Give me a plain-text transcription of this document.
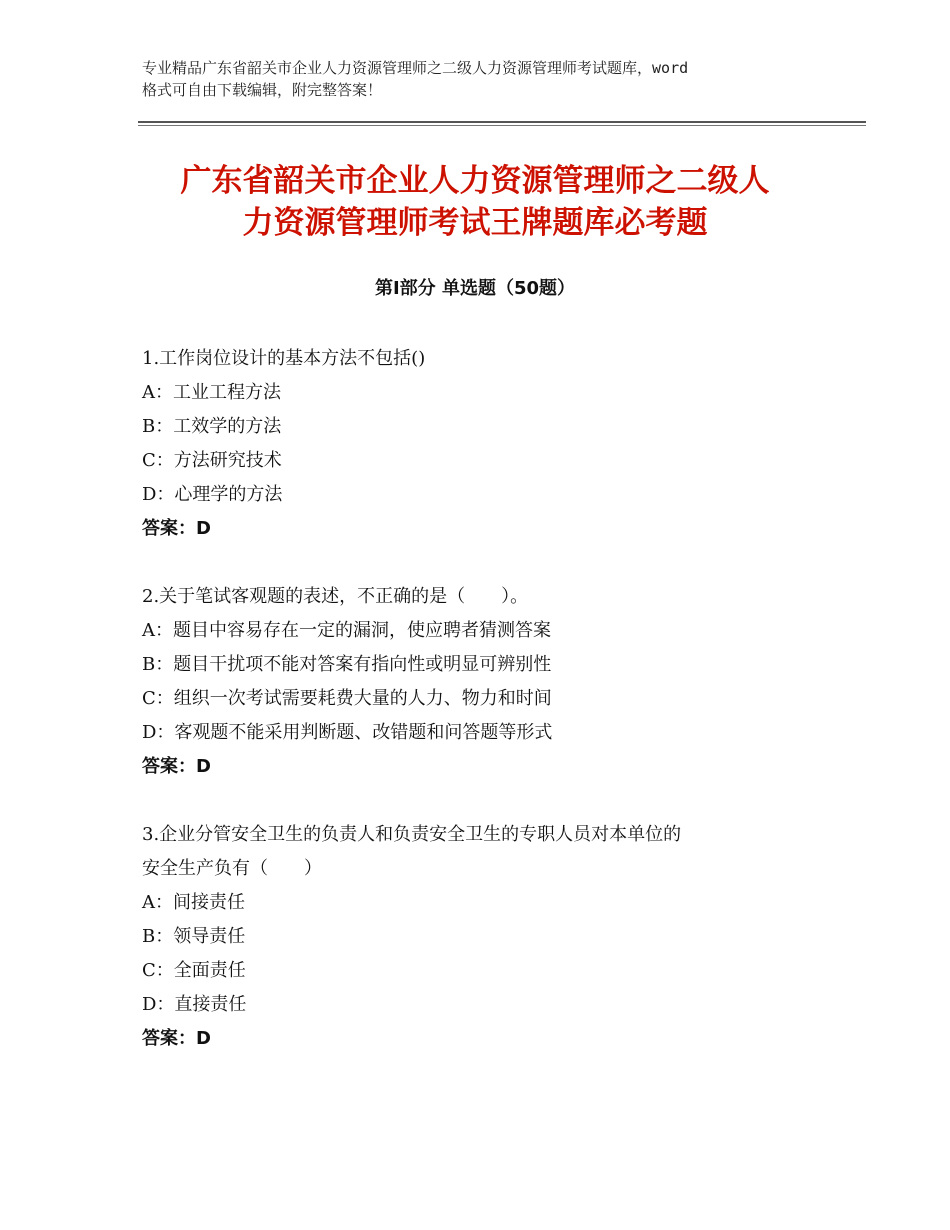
专业精品广东省韶关市企业人力资源管理师之二级人力资源管理师考试题库，word
格式可自由下载编辑，附完整答案！
广东省韶关市企业人力资源管理师之二级人
力资源管理师考试王牌题库必考题
第Ⅰ部分 单选题（50题）
1.工作岗位设计的基本方法不包括()
A：工业工程方法
B：工效学的方法
C：方法研究技术
D：心理学的方法
答案：D
2.关于笔试客观题的表述，不正确的是（　　）。
A：题目中容易存在一定的漏洞，使应聘者猜测答案
B：题目干扰项不能对答案有指向性或明显可辨别性
C：组织一次考试需要耗费大量的人力、物力和时间
D：客观题不能采用判断题、改错题和问答题等形式
答案：D
3.企业分管安全卫生的负责人和负责安全卫生的专职人员对本单位的
安全生产负有（　　）
A：间接责任
B：领导责任
C：全面责任
D：直接责任
答案：D
